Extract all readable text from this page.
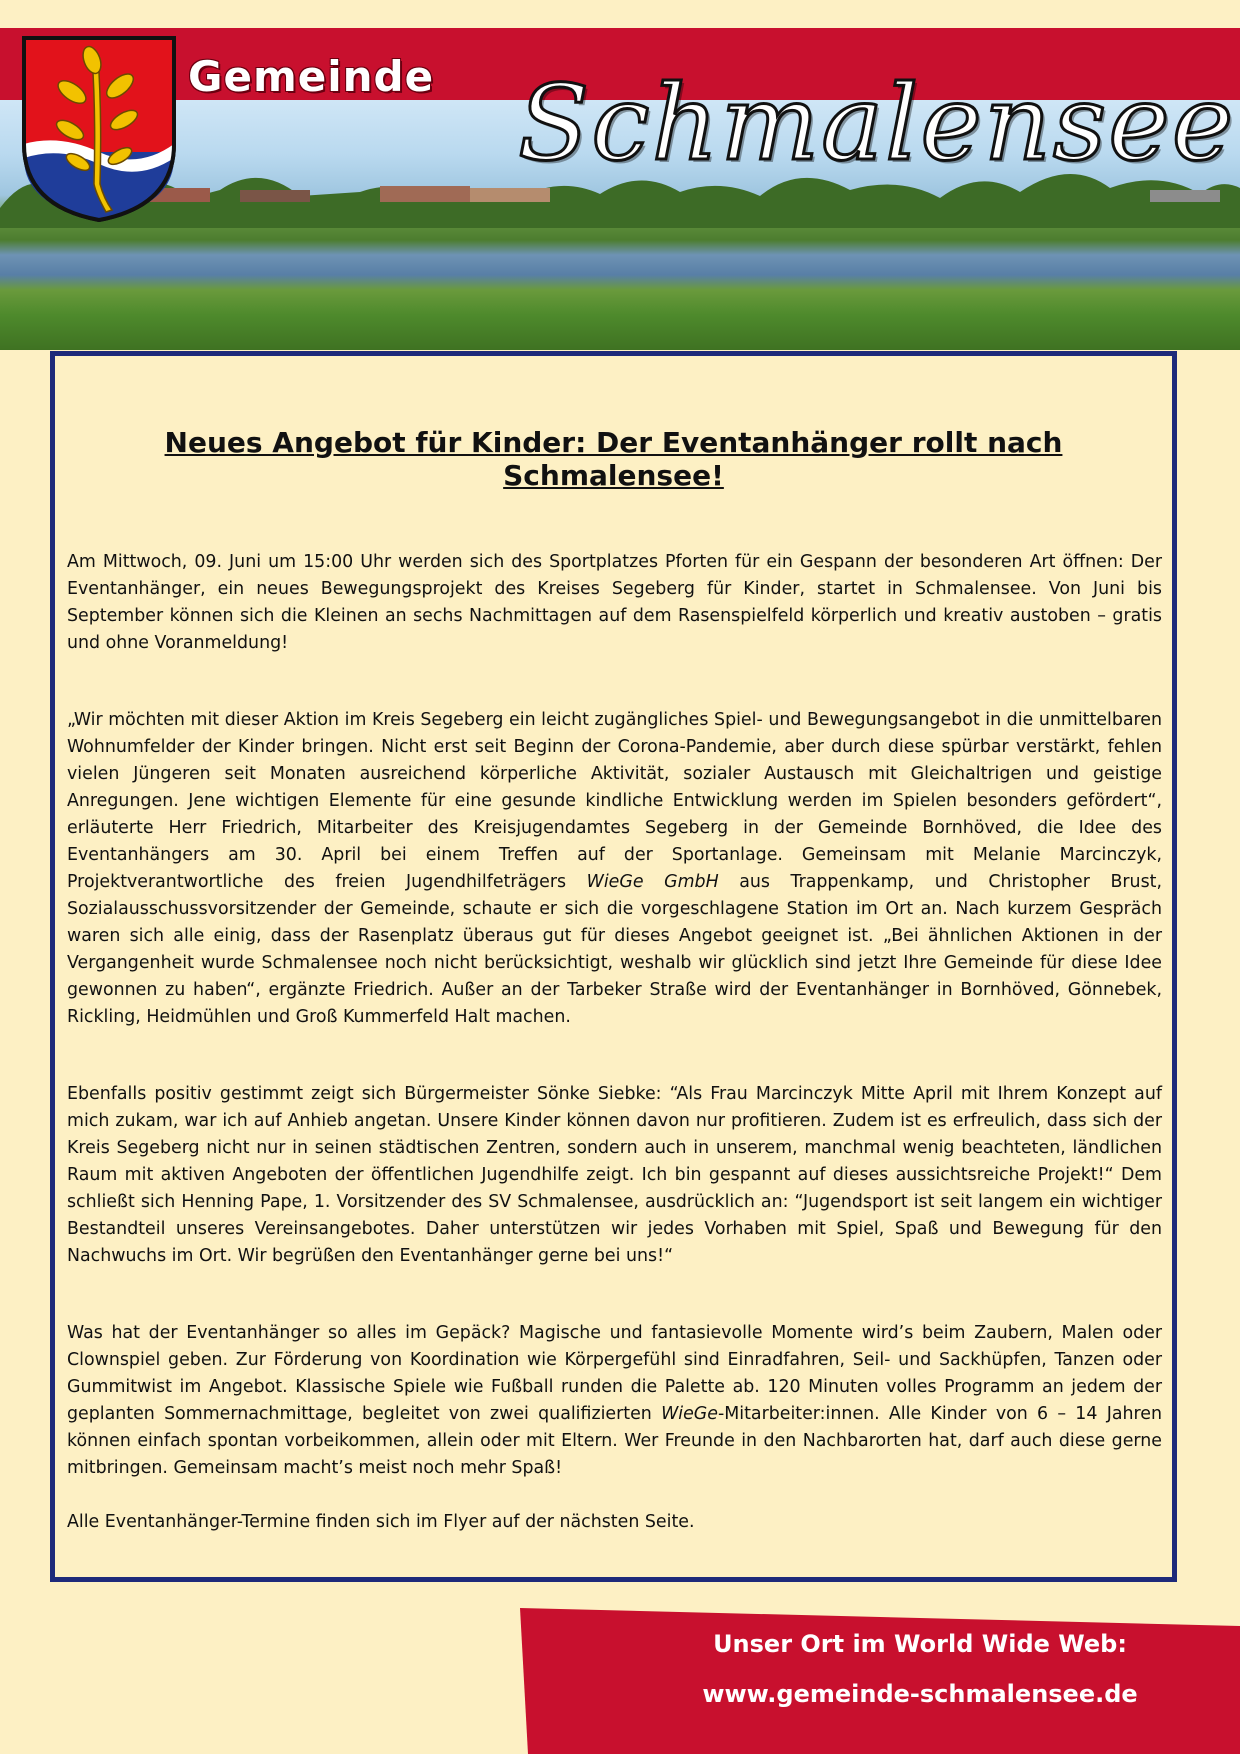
Gemeinde Schmalensee
Neues Angebot für Kinder: Der Eventanhänger rollt nach Schmalensee!

Am Mittwoch, 09. Juni um 15:00 Uhr werden sich des Sportplatzes Pforten für ein Gespann der besonderen Art öffnen: Der Eventanhänger, ein neues Bewegungsprojekt des Kreises Segeberg für Kinder, startet in Schmalensee. Von Juni bis September können sich die Kleinen an sechs Nachmittagen auf dem Rasenspielfeld körperlich und kreativ austoben – gratis und ohne Voranmeldung!

„Wir möchten mit dieser Aktion im Kreis Segeberg ein leicht zugängliches Spiel- und Bewegungsangebot in die unmittelbaren Wohnumfelder der Kinder bringen. Nicht erst seit Beginn der Corona-Pandemie, aber durch diese spürbar verstärkt, fehlen vielen Jüngeren seit Monaten ausreichend körperliche Aktivität, sozialer Austausch mit Gleichaltrigen und geistige Anregungen. Jene wichtigen Elemente für eine gesunde kindliche Entwicklung werden im Spielen besonders gefördert“, erläuterte Herr Friedrich, Mitarbeiter des Kreisjugendamtes Segeberg in der Gemeinde Bornhöved, die Idee des Eventanhängers am 30. April bei einem Treffen auf der Sportanlage. Gemeinsam mit Melanie Marcinczyk, Projektverantwortliche des freien Jugendhilfeträgers WieGe GmbH aus Trappenkamp, und Christopher Brust, Sozialausschussvorsitzender der Gemeinde, schaute er sich die vorgeschlagene Station im Ort an. Nach kurzem Gespräch waren sich alle einig, dass der Rasenplatz überaus gut für dieses Angebot geeignet ist. „Bei ähnlichen Aktionen in der Vergangenheit wurde Schmalensee noch nicht berücksichtigt, weshalb wir glücklich sind jetzt Ihre Gemeinde für diese Idee gewonnen zu haben“, ergänzte Friedrich. Außer an der Tarbeker Straße wird der Eventanhänger in Bornhöved, Gönnebek, Rickling, Heidmühlen und Groß Kummerfeld Halt machen.

Ebenfalls positiv gestimmt zeigt sich Bürgermeister Sönke Siebke: “Als Frau Marcinczyk Mitte April mit Ihrem Konzept auf mich zukam, war ich auf Anhieb angetan. Unsere Kinder können davon nur profitieren. Zudem ist es erfreulich, dass sich der Kreis Segeberg nicht nur in seinen städtischen Zentren, sondern auch in unserem, manchmal wenig beachteten, ländlichen Raum mit aktiven Angeboten der öffentlichen Jugendhilfe zeigt. Ich bin gespannt auf dieses aussichtsreiche Projekt!“ Dem schließt sich Henning Pape, 1. Vorsitzender des SV Schmalensee, ausdrücklich an: “Jugendsport ist seit langem ein wichtiger Bestandteil unseres Vereinsangebotes. Daher unterstützen wir jedes Vorhaben mit Spiel, Spaß und Bewegung für den Nachwuchs im Ort. Wir begrüßen den Eventanhänger gerne bei uns!“

Was hat der Eventanhänger so alles im Gepäck? Magische und fantasievolle Momente wird’s beim Zaubern, Malen oder Clownspiel geben. Zur Förderung von Koordination wie Körpergefühl sind Einradfahren, Seil- und Sackhüpfen, Tanzen oder Gummitwist im Angebot. Klassische Spiele wie Fußball runden die Palette ab. 120 Minuten volles Programm an jedem der geplanten Sommernachmittage, begleitet von zwei qualifizierten WieGe-Mitarbeiter:innen. Alle Kinder von 6 – 14 Jahren können einfach spontan vorbeikommen, allein oder mit Eltern. Wer Freunde in den Nachbarorten hat, darf auch diese gerne mitbringen. Gemeinsam macht’s meist noch mehr Spaß!

Alle Eventanhänger-Termine finden sich im Flyer auf der nächsten Seite.

Unser Ort im World Wide Web:
www.gemeinde-schmalensee.de
